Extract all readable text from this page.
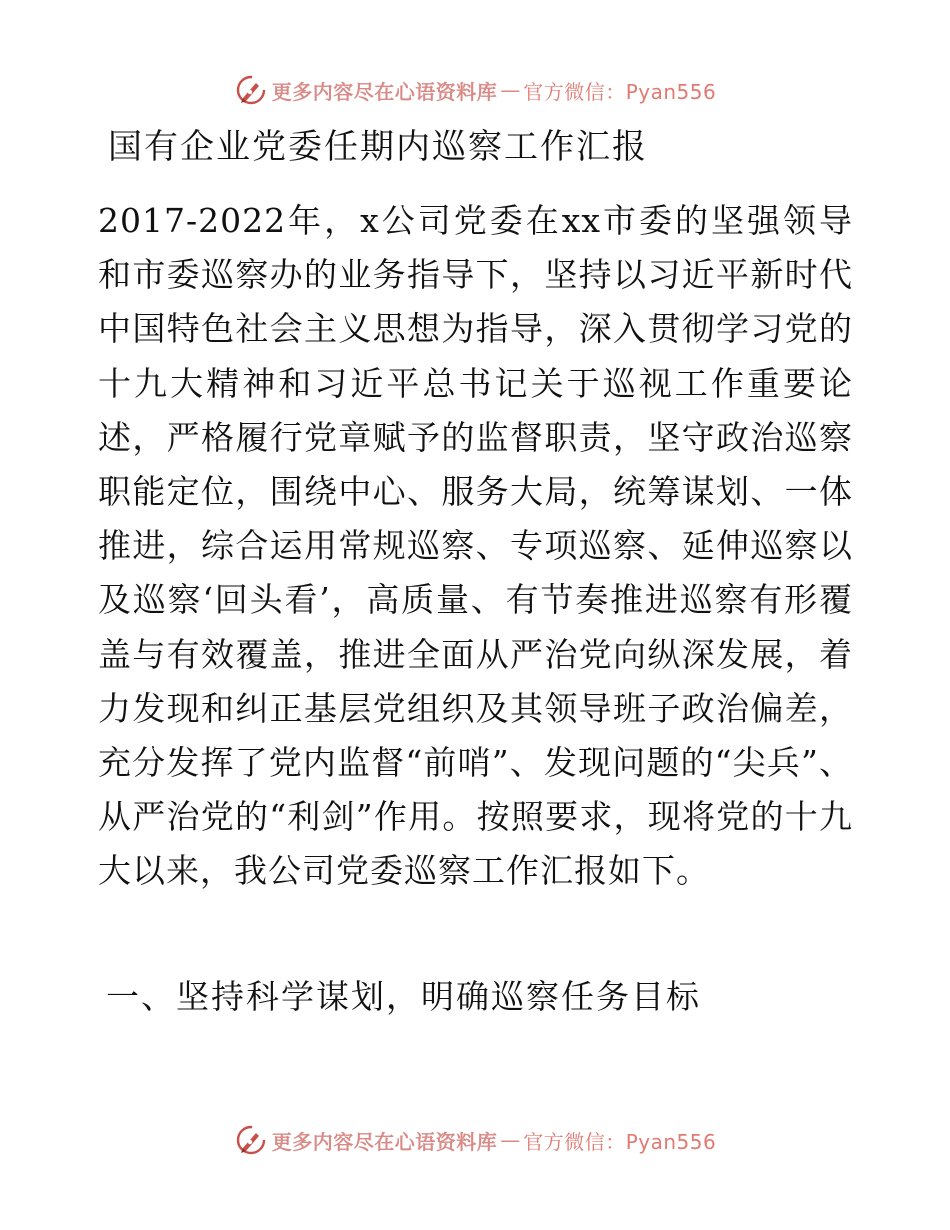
更多内容尽在心语资料库 — 官方微信：Pyan556
国有企业党委任期内巡察工作汇报

2017-2022年，x公司党委在xx市委的坚强领导和市委巡察办的业务指导下，坚持以习近平新时代中国特色社会主义思想为指导，深入贯彻学习党的十九大精神和习近平总书记关于巡视工作重要论述，严格履行党章赋予的监督职责，坚守政治巡察职能定位，围绕中心、服务大局，统筹谋划、一体推进，综合运用常规巡察、专项巡察、延伸巡察以及巡察‘回头看’，高质量、有节奏推进巡察有形覆盖与有效覆盖，推进全面从严治党向纵深发展，着力发现和纠正基层党组织及其领导班子政治偏差，充分发挥了党内监督“前哨”、发现问题的“尖兵”、从严治党的“利剑”作用。按照要求，现将党的十九大以来，我公司党委巡察工作汇报如下。

一、坚持科学谋划，明确巡察任务目标
更多内容尽在心语资料库 — 官方微信：Pyan556
